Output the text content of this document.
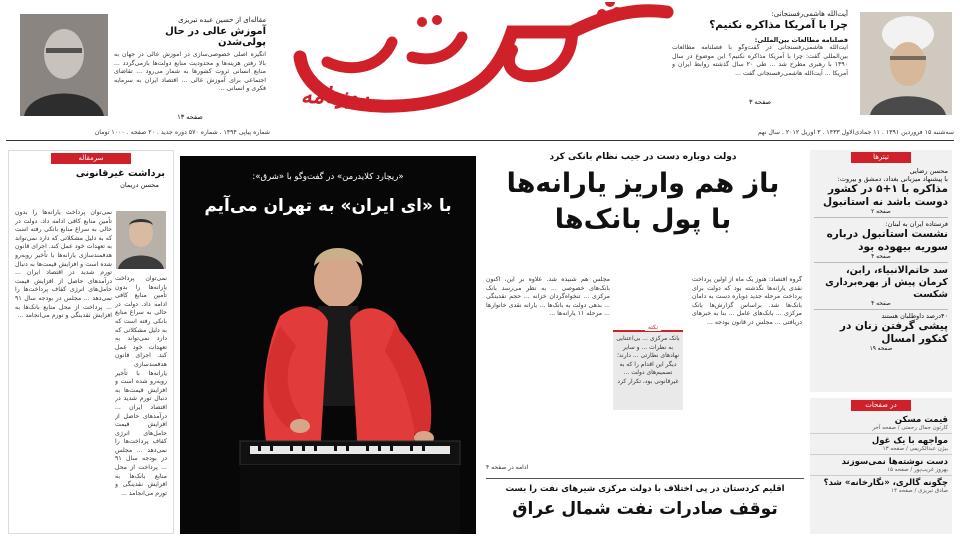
روزنامه
سه‌شنبه ۱۵ فروردین ۱۳۹۱ . ۱۱ جمادی‌الاول ۱۴۳۳ . ۳ آوریل ۲۰۱۲ . سال نهم
شماره پیاپی ۱۴۹۴ . شماره ۵۷۰ دوره جدید . ۲۰ صفحه . ۱۰۰۰ تومان
آیت‌الله هاشمی‌رفسنجانی:
چرا با آمریکا مذاکره نکنیم؟
فصلنامه مطالعات بین‌المللی:
آیت‌الله هاشمی‌رفسنجانی در گفت‌وگو با فصلنامه مطالعات بین‌المللی گفت: چرا با آمریکا مذاکره نکنیم؟ این موضوع در سال ۱۳۹۰ با رهبری مطرح شد ... طی ۲۰ سال گذشته روابط ایران و آمریکا ... آیت‌الله هاشمی‌رفسنجانی گفت ...
صفحه ۳
مقاله‌ای از حسین عبده تبریزی
آموزش عالی در حال پولی‌شدن
انگیزه اصلی خصوصی‌سازی در آموزش عالی در جهان به بالا رفتن هزینه‌ها و محدودیت منابع دولت‌ها بازمی‌گردد ... منابع انسانی ثروت کشورها به شمار می‌رود ... تقاضای اجتماعی برای آموزش عالی ... اقتصاد ایران به سرمایه فکری و انسانی ...
صفحه ۱۳
تیترها
محسن رضایی
با پیشنهاد میزبانی بغداد، دمشق و بیروت:
مذاکره با ۱+۵ در کشور دوست باشد نه استانبول
صفحه ۲
فرستاده ایران به لبنان:
نشست استانبول درباره سوریه بیهوده بود
صفحه ۴
سد خاتم‌الانبیاء، رابن، کرمان پیش از بهره‌برداری شکست
صفحه ۴
۴۰درصد داوطلبان هستند
پیشی گرفتن زنان در کنکور امسال
صفحه ۱۹
در صفحات
قیمت مسکن
کارتون جمال رحمتی / صفحه آخر
مواجهه با یک غول
بیژن عبدالکریمی / صفحه ۱۳
دست نوشته‌ها نمی‌سوزند
بهروز غریب‌پور / صفحه ۱۵
چگونه گالری، «نگارخانه» شد؟
صادق تبریزی / صفحه ۱۴
دولت دوباره دست در جیب نظام بانکی کرد
باز هم واریز یارانه‌ها
با پول بانک‌ها
گروه اقتصاد: هنوز یک ماه از اولین پرداخت نقدی یارانه‌ها نگذشته بود که دولت برای پرداخت مرحله جدید دوباره دست به دامان بانک‌ها شد. براساس گزارش‌ها بانک مرکزی ... بانک‌های عامل ... بنا به خبرهای دریافتی ... مجلس در قانون بودجه ...
مجلس هم شنیده شد. علاوه بر این، اکنون بانک‌های خصوصی ... به نظر می‌رسد بانک مرکزی ... تنخواه‌گردان خزانه ... حجم نقدینگی ... بدهی دولت به بانک‌ها ... یارانه نقدی خانوارها ... مرحله ۱۱ یارانه‌ها ...
نکته
بانک مرکزی ... بی‌اعتنایی به نظرات ... و سایر نهادهای نظارتی ... دارند؛ دیگر این اقدام را که به تصمیم‌های دولت ... غیرقانونی بود، تکرار کرد
ادامه در صفحه ۴
اقلیم کردستان در پی اختلاف با دولت مرکزی شیرهای نفت را بست
توقف صادرات نفت شمال عراق
«ریچارد کلایدرمن» در گفت‌وگو با «شرق»:
با «ای ایران» به تهران می‌آیم
سرمقاله
برداشت غیرقانونی
محسن دریمان
نمی‌توان پرداخت یارانه‌ها را بدون تأمین منابع کافی ادامه داد. دولت در حالی به سراغ منابع بانکی رفته است که به دلیل مشکلاتی که دارد نمی‌تواند به تعهدات خود عمل کند. اجرای قانون هدفمندسازی یارانه‌ها با تأخیر روبه‌رو شده است و افزایش قیمت‌ها به دنبال تورم شدید در اقتصاد ایران ... درآمدهای حاصل از افزایش قیمت حامل‌های انرژی کفاف پرداخت‌ها را نمی‌دهد ... مجلس در بودجه سال ۹۱ ... پرداخت از محل منابع بانک‌ها به افزایش نقدینگی و تورم می‌انجامد ...
نمی‌توان پرداخت یارانه‌ها را بدون تأمین منابع کافی ادامه داد. دولت در حالی به سراغ منابع بانکی رفته است که به دلیل مشکلاتی که دارد نمی‌تواند به تعهدات خود عمل کند. اجرای قانون هدفمندسازی یارانه‌ها با تأخیر روبه‌رو شده است و افزایش قیمت‌ها به دنبال تورم شدید در اقتصاد ایران ... درآمدهای حاصل از افزایش قیمت حامل‌های انرژی کفاف پرداخت‌ها را نمی‌دهد ... مجلس در بودجه سال ۹۱ ... پرداخت از محل منابع بانک‌ها به افزایش نقدینگی و تورم می‌انجامد ...
